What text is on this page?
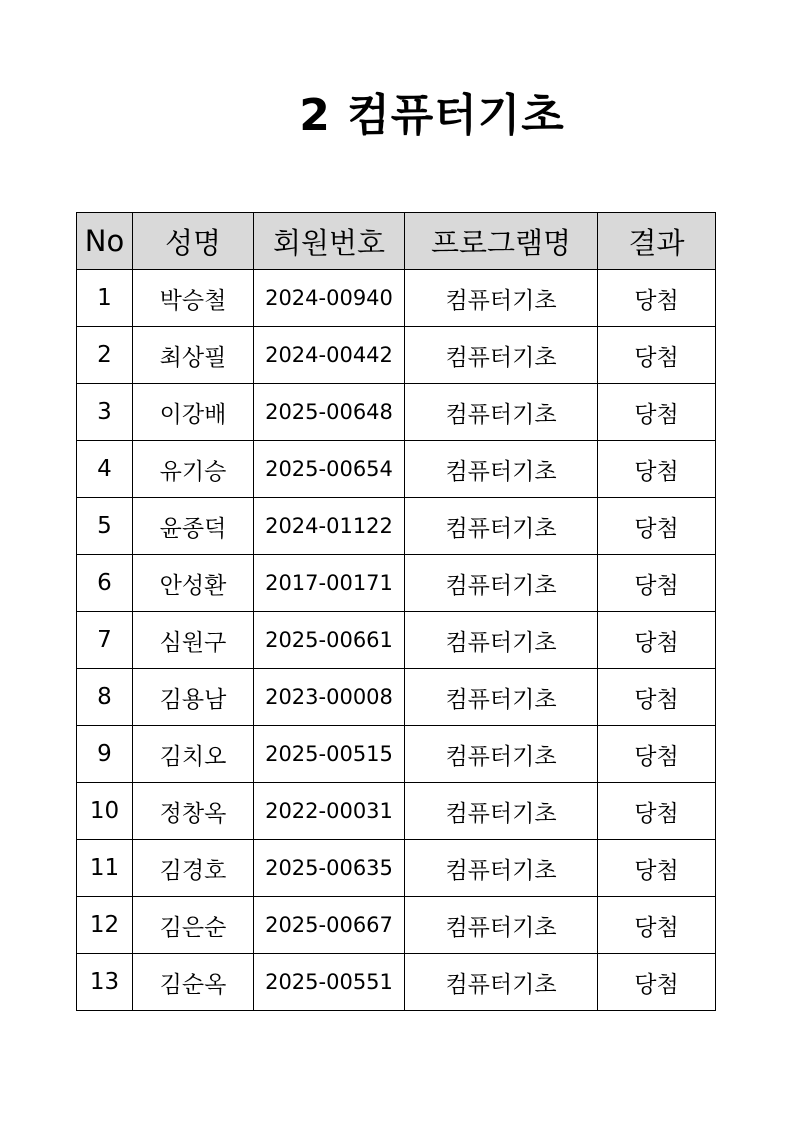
2 컴퓨터기초
No	성명	회원번호	프로그램명	결과
1	박승철	2024-00940	컴퓨터기초	당첨
2	최상필	2024-00442	컴퓨터기초	당첨
3	이강배	2025-00648	컴퓨터기초	당첨
4	유기승	2025-00654	컴퓨터기초	당첨
5	윤종덕	2024-01122	컴퓨터기초	당첨
6	안성환	2017-00171	컴퓨터기초	당첨
7	심원구	2025-00661	컴퓨터기초	당첨
8	김용남	2023-00008	컴퓨터기초	당첨
9	김치오	2025-00515	컴퓨터기초	당첨
10	정창옥	2022-00031	컴퓨터기초	당첨
11	김경호	2025-00635	컴퓨터기초	당첨
12	김은순	2025-00667	컴퓨터기초	당첨
13	김순옥	2025-00551	컴퓨터기초	당첨
